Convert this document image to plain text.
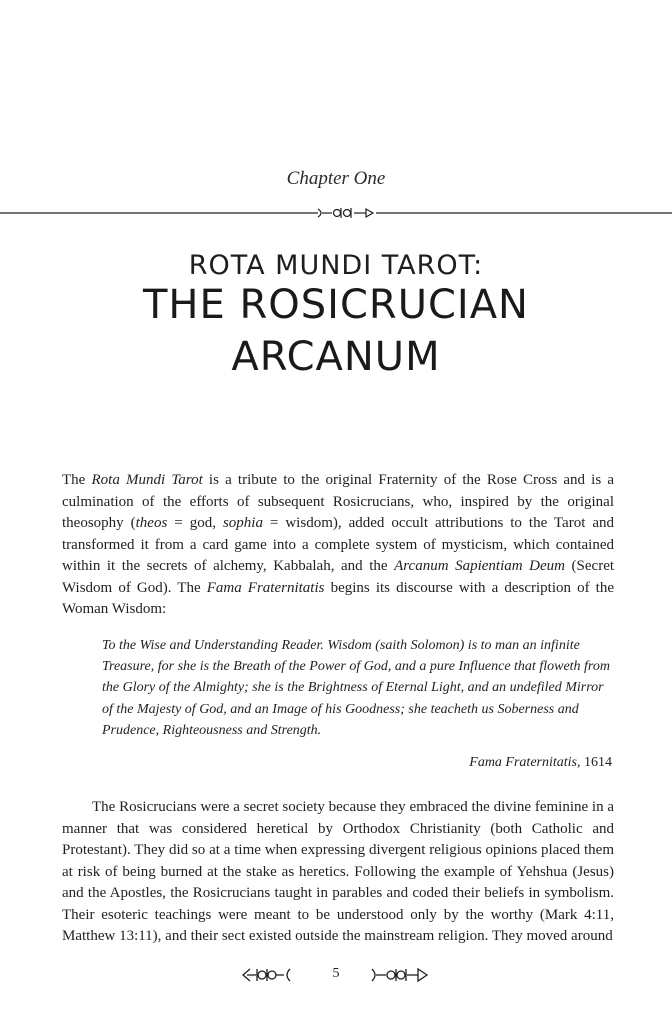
Chapter One
ROTA MUNDI TAROT:
THE ROSICRUCIAN
ARCANUM
The Rota Mundi Tarot is a tribute to the original Fraternity of the Rose Cross and is a culmination of the efforts of subsequent Rosicrucians, who, inspired by the original theosophy (theos = god, sophia = wisdom), added occult attributions to the Tarot and transformed it from a card game into a complete system of mysticism, which contained within it the secrets of alchemy, Kabbalah, and the Arcanum Sapientiam Deum (Secret Wisdom of God). The Fama Fraternitatis begins its discourse with a description of the Woman Wisdom:
To the Wise and Understanding Reader. Wisdom (saith Solomon) is to man an infinite Treasure, for she is the Breath of the Power of God, and a pure Influence that floweth from the Glory of the Almighty; she is the Brightness of Eternal Light, and an undefiled Mirror of the Majesty of God, and an Image of his Goodness; she teacheth us Soberness and Prudence, Righteousness and Strength.
Fama Fraternitatis, 1614
The Rosicrucians were a secret society because they embraced the divine feminine in a manner that was considered heretical by Orthodox Christianity (both Catholic and Protestant). They did so at a time when expressing divergent religious opinions placed them at risk of being burned at the stake as heretics. Following the example of Yehshua (Jesus) and the Apostles, the Rosicrucians taught in parables and coded their beliefs in symbolism. Their esoteric teachings were meant to be understood only by the worthy (Mark 4:11, Matthew 13:11), and their sect existed outside the mainstream religion. They moved around
5
